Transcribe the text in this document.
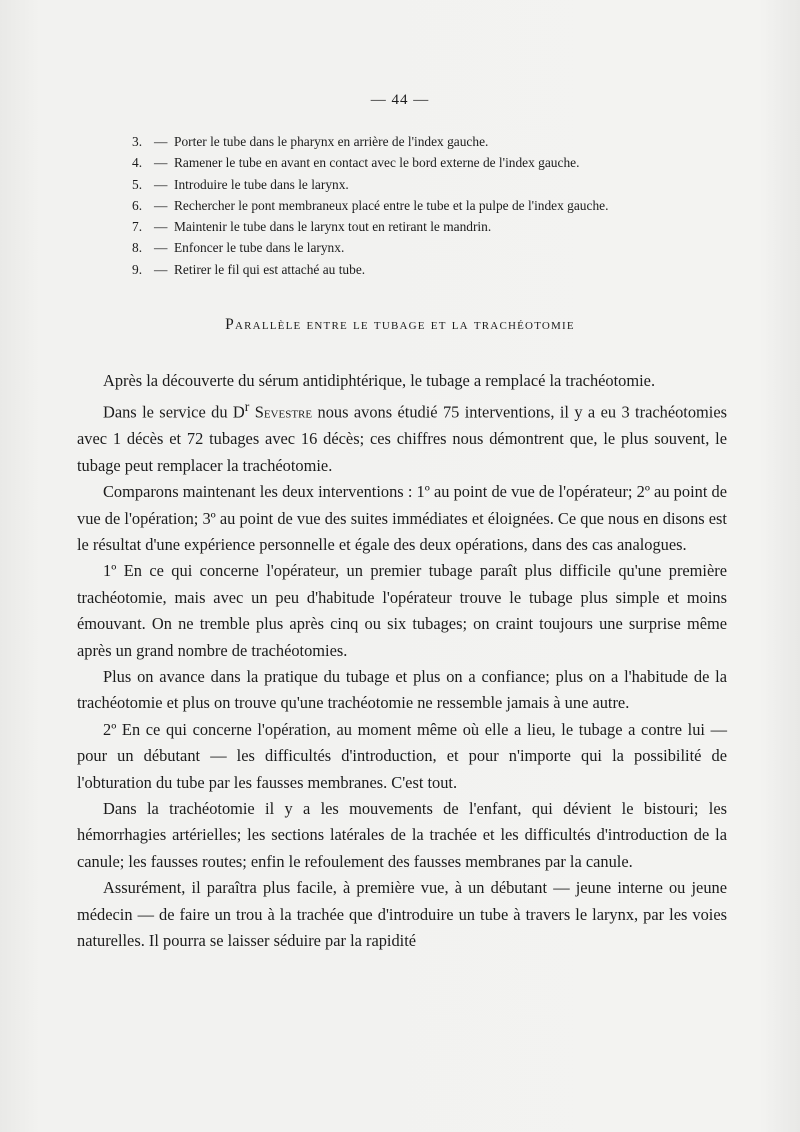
— 44 —
3. — Porter le tube dans le pharynx en arrière de l'index gauche.
4. — Ramener le tube en avant en contact avec le bord externe de l'index gauche.
5. — Introduire le tube dans le larynx.
6. — Rechercher le pont membraneux placé entre le tube et la pulpe de l'index gauche.
7. — Maintenir le tube dans le larynx tout en retirant le mandrin.
8. — Enfoncer le tube dans le larynx.
9. — Retirer le fil qui est attaché au tube.
Parallèle entre le tubage et la trachéotomie

Après la découverte du sérum antidiphtérique, le tubage a remplacé la trachéotomie.

Dans le service du $D^r$ Sevestre nous avons étudié 75 interventions, il y a eu 3 trachéotomies avec 1 décès et 72 tubages avec 16 décès; ces chiffres nous démontrent que, le plus souvent, le tubage peut remplacer la trachéotomie.

Comparons maintenant les deux interventions : 1º au point de vue de l'opérateur; 2º au point de vue de l'opération; 3º au point de vue des suites immédiates et éloignées. Ce que nous en disons est le résultat d'une expérience personnelle et égale des deux opérations, dans des cas analogues.

1º En ce qui concerne l'opérateur, un premier tubage paraît plus difficile qu'une première trachéotomie, mais avec un peu d'habitude l'opérateur trouve le tubage plus simple et moins émouvant. On ne tremble plus après cinq ou six tubages; on craint toujours une surprise même après un grand nombre de trachéotomies.

Plus on avance dans la pratique du tubage et plus on a confiance; plus on a l'habitude de la trachéotomie et plus on trouve qu'une trachéotomie ne ressemble jamais à une autre.

2º En ce qui concerne l'opération, au moment même où elle a lieu, le tubage a contre lui — pour un débutant — les difficultés d'introduction, et pour n'importe qui la possibilité de l'obturation du tube par les fausses membranes. C'est tout.

Dans la trachéotomie il y a les mouvements de l'enfant, qui dévient le bistouri; les hémorrhagies artérielles; les sections latérales de la trachée et les difficultés d'introduction de la canule; les fausses routes; enfin le refoulement des fausses membranes par la canule.

Assurément, il paraîtra plus facile, à première vue, à un débutant — jeune interne ou jeune médecin — de faire un trou à la trachée que d'introduire un tube à travers le larynx, par les voies naturelles. Il pourra se laisser séduire par la rapidité
